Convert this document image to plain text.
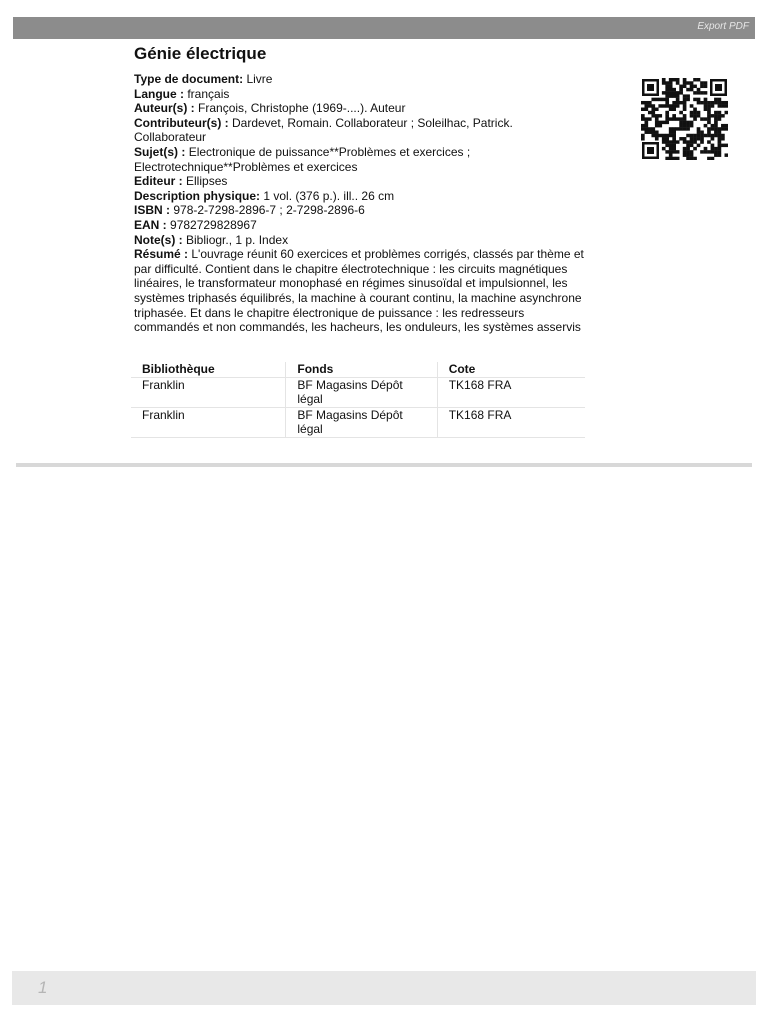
Export PDF
Génie électrique
Type de document: Livre
Langue : français
Auteur(s) : François, Christophe (1969-....). Auteur
Contributeur(s) : Dardevet, Romain. Collaborateur ; Soleilhac, Patrick. Collaborateur
Sujet(s) : Electronique de puissance**Problèmes et exercices ; Electrotechnique**Problèmes et exercices
Editeur : Ellipses
Description physique: 1 vol. (376 p.). ill.. 26 cm
ISBN : 978-2-7298-2896-7 ; 2-7298-2896-6
EAN : 9782729828967
Note(s) : Bibliogr., 1 p. Index
Résumé : L'ouvrage réunit 60 exercices et problèmes corrigés, classés par thème et par difficulté. Contient dans le chapitre électrotechnique : les circuits magnétiques linéaires, le transformateur monophasé en régimes sinusoïdal et impulsionnel, les systèmes triphasés équilibrés, la machine à courant continu, la machine asynchrone triphasée. Et dans le chapitre électronique de puissance : les redresseurs commandés et non commandés, les hacheurs, les onduleurs, les systèmes asservis
Bibliothèque	Fonds	Cote
Franklin	BF Magasins Dépôt légal	TK168 FRA
Franklin	BF Magasins Dépôt légal	TK168 FRA
1
